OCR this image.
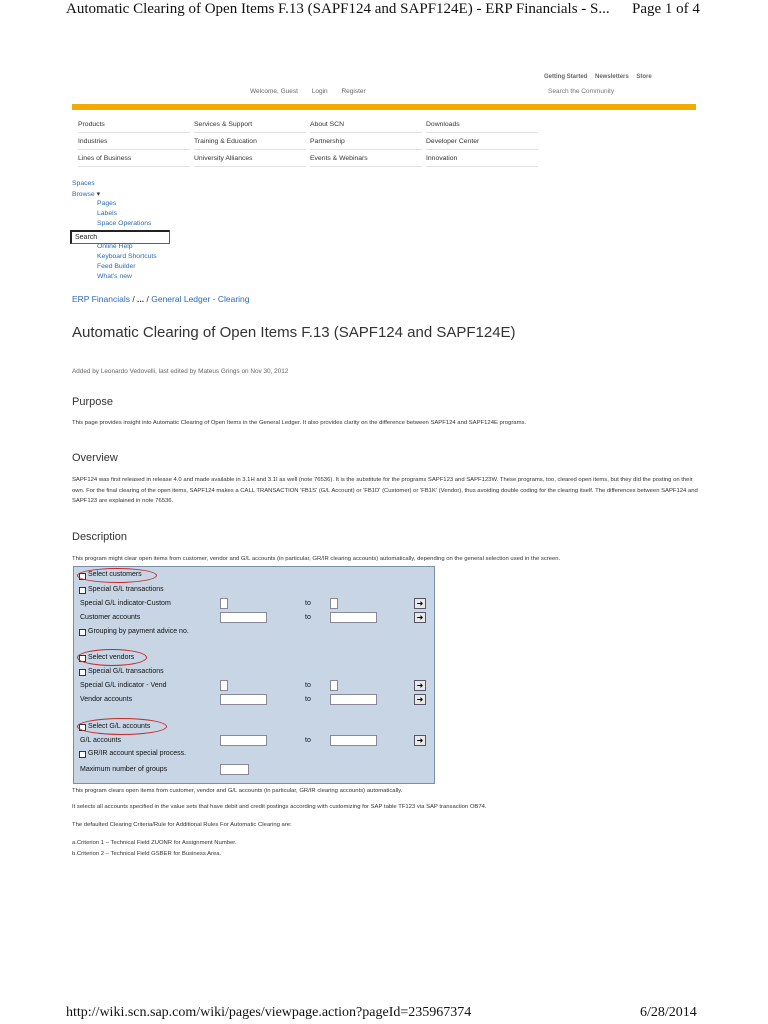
Automatic Clearing of Open Items F.13 (SAPF124 and SAPF124E) - ERP Financials - S... Page 1 of 4
Getting Started Newsletters Store
Welcome, Guest Login Register
Search the Community
Products
Industries
Lines of Business
Services & Support
Training & Education
University Alliances
About SCN
Partnership
Events & Webinars
Downloads
Developer Center
Innovation
Spaces
Browse ▾
Pages
Labels
Space Operations
Online Help
Keyboard Shortcuts
Feed Builder
What's new
Search
ERP Financials / ... / General Ledger - Clearing
Automatic Clearing of Open Items F.13 (SAPF124 and SAPF124E)
Added by Leonardo Vedovelli, last edited by Mateus Grings on Nov 30, 2012
Purpose
This page provides insight into Automatic Clearing of Open Items in the General Ledger. It also provides clarity on the difference between SAPF124 and SAPF124E programs.
Overview
SAPF124 was first released in release 4.0 and made available in 3.1H and 3.1I as well (note 76536). It is the substitute for the programs SAPF123 and SAPF123W. These programs, too, cleared open items, but they did the posting on their own. For the final clearing of the open items, SAPF124 makes a CALL TRANSACTION 'FB1S' (G/L Account) or 'FB1D' (Customer) or 'FB1K' (Vendor), thus avoiding double coding for the clearing itself. The differences between SAPF124 and SAPF123 are explained in note 76536.
Description
This program might clear open items from customer, vendor and G/L accounts (in particular, GR/IR clearing accounts) automatically, depending on the general selection used in the screen.
Select customers
Special G/L transactions
Special G/L indicator-Custom	to	➜
Customer accounts	to	➜
Grouping by payment advice no.
Select vendors
Special G/L transactions
Special G/L indicator - Vend	to	➜
Vendor accounts	to	➜
Select G/L accounts
G/L accounts	to	➜
GR/IR account special process.
Maximum number of groups
This program clears open items from customer, vendor and G/L accounts (in particular, GR/IR clearing accounts) automatically.
It selects all accounts specified in the value sets that have debit and credit postings according with customizing for SAP table TF123 via SAP transaction OB74.
The defaulted Clearing Criteria/Rule for Additional Rules For Automatic Clearing are:
a.Criterion 1 – Technical Field ZUONR for Assignment Number.
b.Criterion 2 – Technical Field GSBER for Business Area.
http://wiki.scn.sap.com/wiki/pages/viewpage.action?pageId=235967374	6/28/2014
